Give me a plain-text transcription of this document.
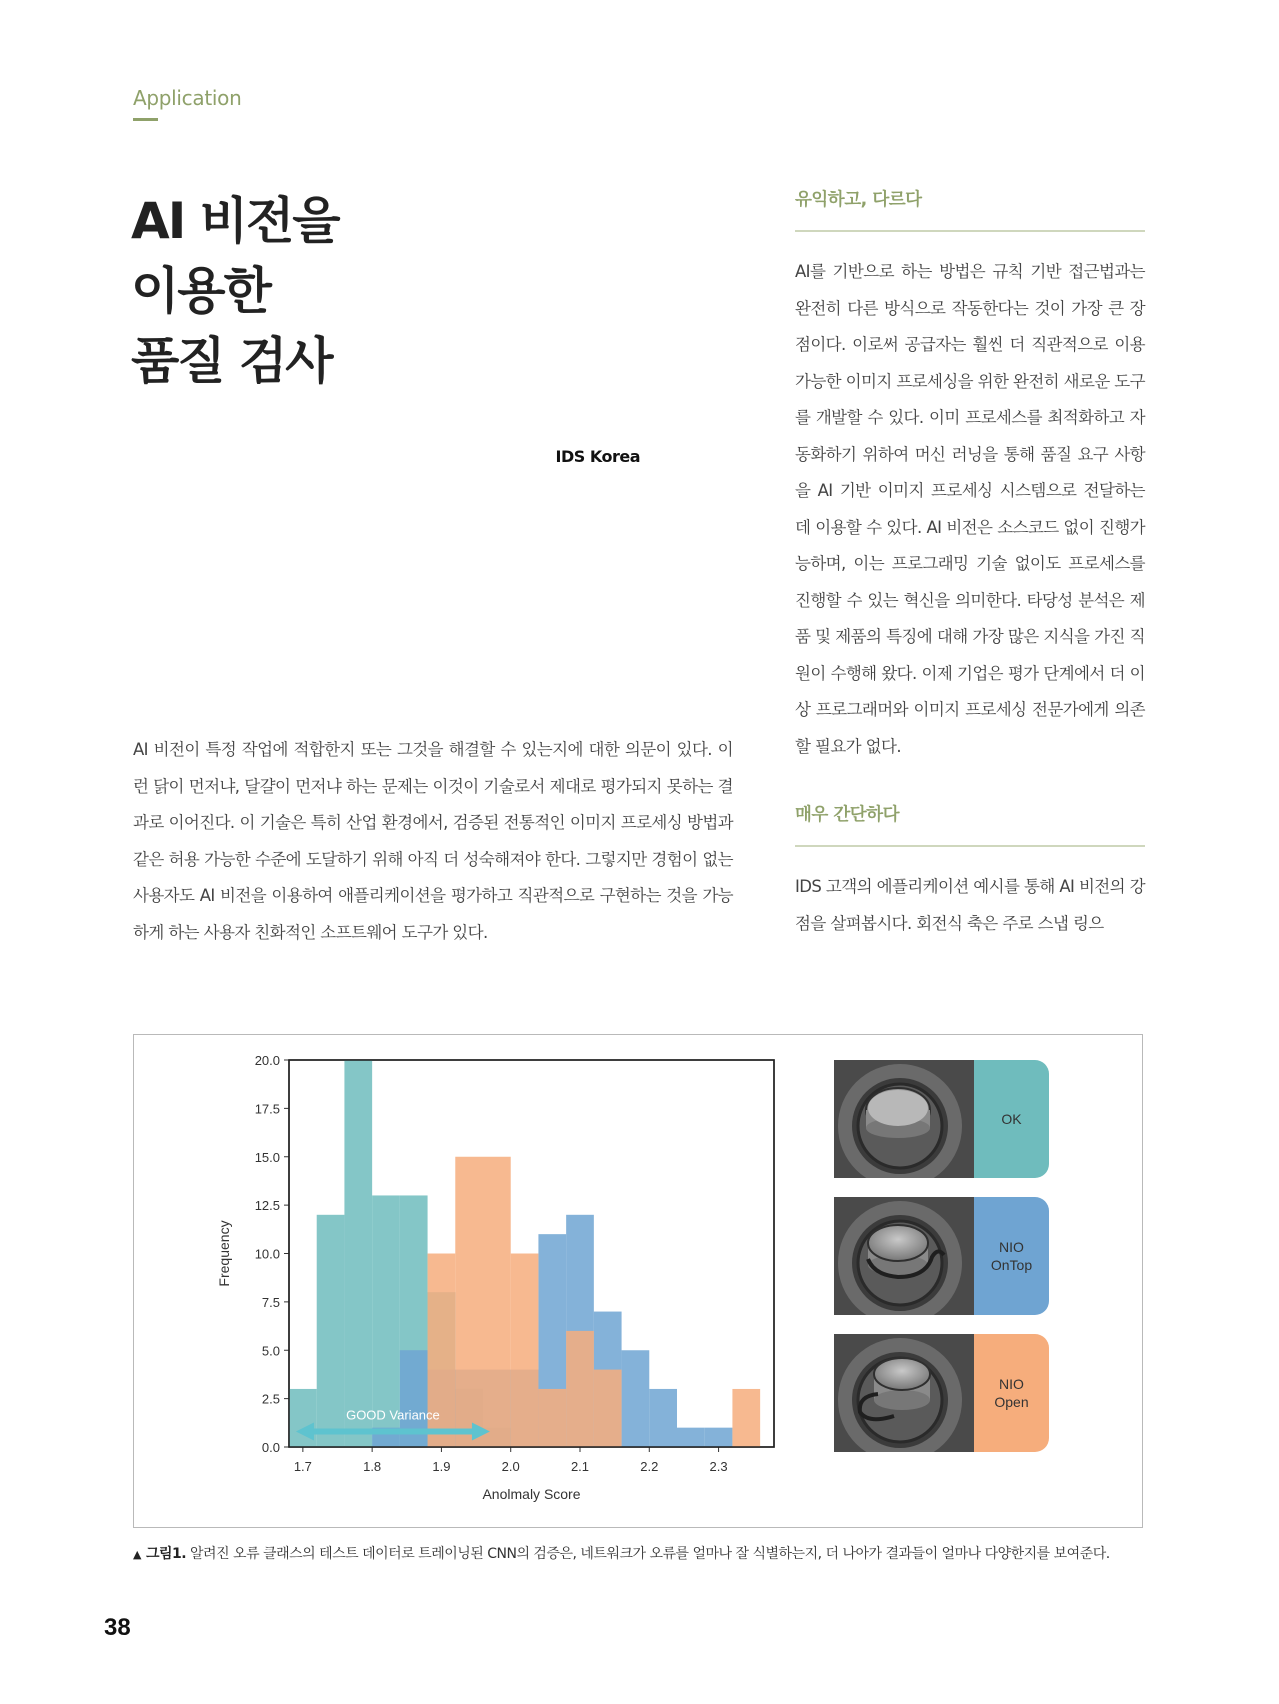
Application
AI 비전을
이용한
품질 검사
IDS Korea
AI 비전이 특정 작업에 적합한지 또는 그것을 해결할 수 있는지에 대한 의문이 있다. 이런 닭이 먼저냐, 달걀이 먼저냐 하는 문제는 이것이 기술로서 제대로 평가되지 못하는 결과로 이어진다. 이 기술은 특히 산업 환경에서, 검증된 전통적인 이미지 프로세싱 방법과 같은 허용 가능한 수준에 도달하기 위해 아직 더 성숙해져야 한다. 그렇지만 경험이 없는 사용자도 AI 비전을 이용하여 애플리케이션을 평가하고 직관적으로 구현하는 것을 가능하게 하는 사용자 친화적인 소프트웨어 도구가 있다.
유익하고, 다르다
AI를 기반으로 하는 방법은 규칙 기반 접근법과는 완전히 다른 방식으로 작동한다는 것이 가장 큰 장점이다. 이로써 공급자는 훨씬 더 직관적으로 이용 가능한 이미지 프로세싱을 위한 완전히 새로운 도구를 개발할 수 있다. 이미 프로세스를 최적화하고 자동화하기 위하여 머신 러닝을 통해 품질 요구 사항을 AI 기반 이미지 프로세싱 시스템으로 전달하는 데 이용할 수 있다. AI 비전은 소스코드 없이 진행가능하며, 이는 프로그래밍 기술 없이도 프로세스를 진행할 수 있는 혁신을 의미한다. 타당성 분석은 제품 및 제품의 특징에 대해 가장 많은 지식을 가진 직원이 수행해 왔다. 이제 기업은 평가 단계에서 더 이상 프로그래머와 이미지 프로세싱 전문가에게 의존할 필요가 없다.
매우 간단하다
IDS 고객의 에플리케이션 예시를 통해 AI 비전의 강점을 살펴봅시다. 회전식 축은 주로 스냅 링으
0.0
2.5
5.0
7.5
10.0
12.5
15.0
17.5
20.0
1.7	1.8	1.9	2.0	2.1	2.2	2.3
Anolmaly Score
Frequency
GOOD Variance
OK
NIO
OnTop
NIO
Open
▲ 그림1. 알려진 오류 클래스의 테스트 데이터로 트레이닝된 CNN의 검증은, 네트워크가 오류를 얼마나 잘 식별하는지, 더 나아가 결과들이 얼마나 다양한지를 보여준다.
38
